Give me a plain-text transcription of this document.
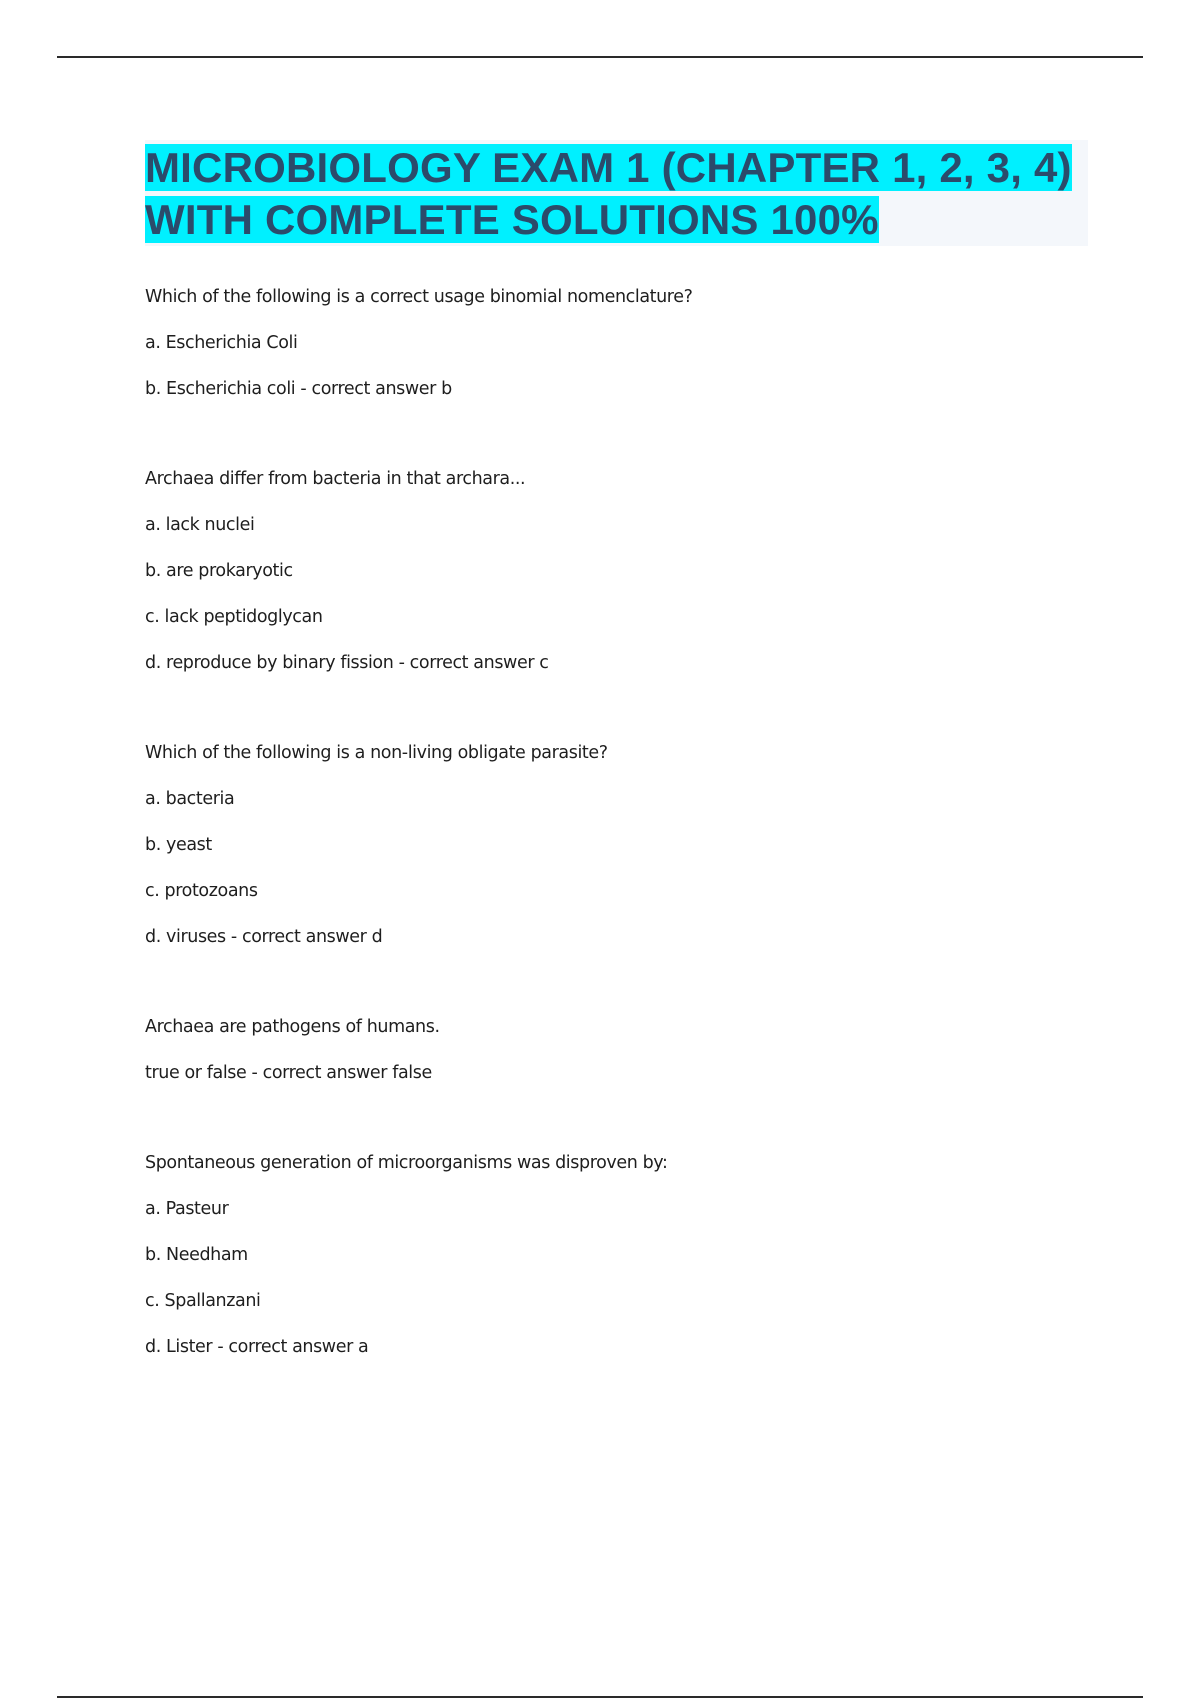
MICROBIOLOGY EXAM 1 (CHAPTER 1, 2, 3, 4) WITH COMPLETE SOLUTIONS 100%
Which of the following is a correct usage binomial nomenclature?
a. Escherichia Coli
b. Escherichia coli - correct answer b
Archaea differ from bacteria in that archara...
a. lack nuclei
b. are prokaryotic
c. lack peptidoglycan
d. reproduce by binary fission - correct answer c
Which of the following is a non-living obligate parasite?
a. bacteria
b. yeast
c. protozoans
d. viruses - correct answer d
Archaea are pathogens of humans.
true or false - correct answer false
Spontaneous generation of microorganisms was disproven by:
a. Pasteur
b. Needham
c. Spallanzani
d. Lister - correct answer a
